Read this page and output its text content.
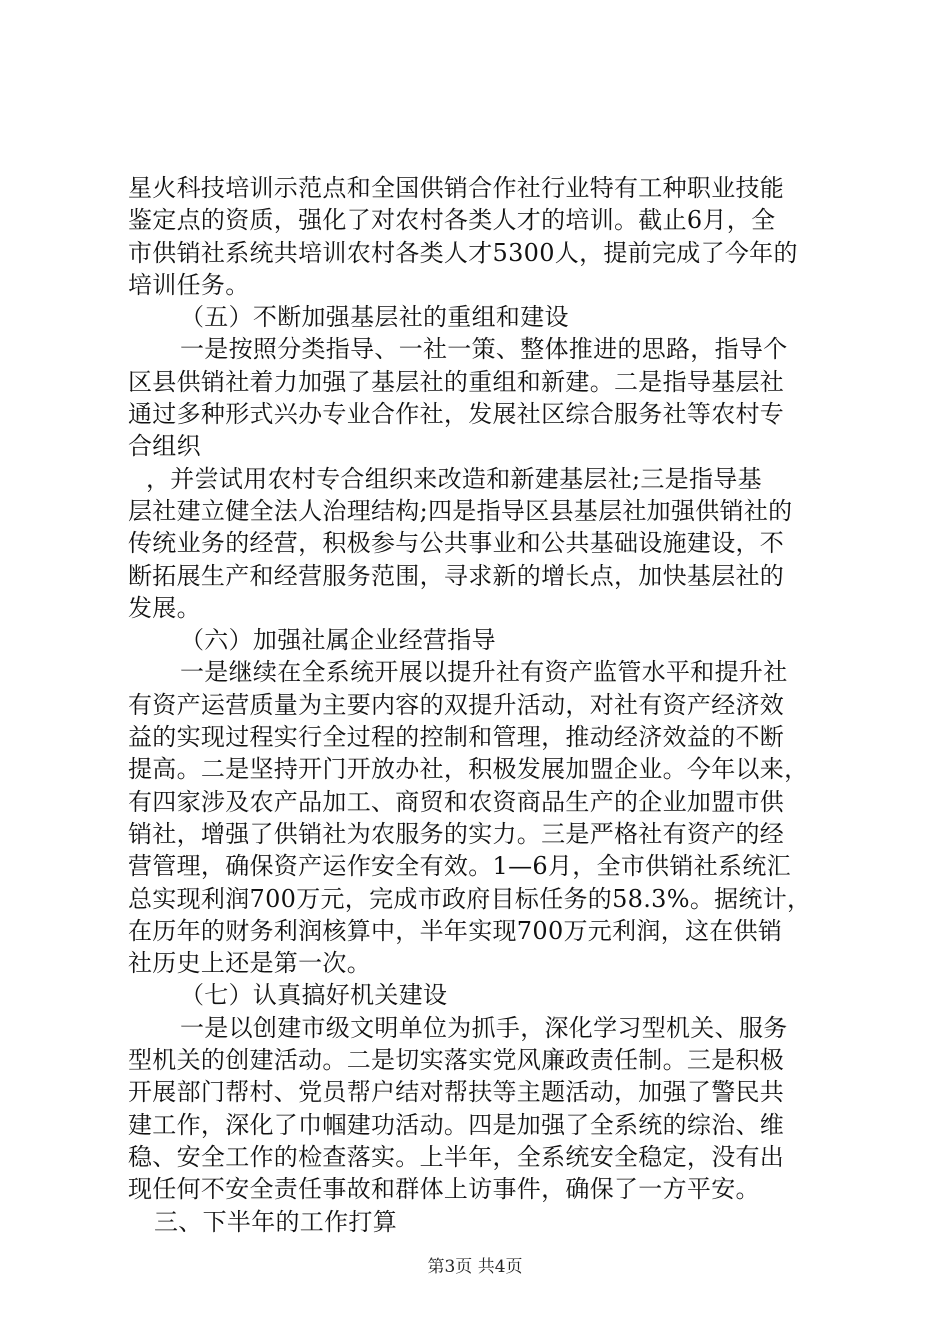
星火科技培训示范点和全国供销合作社行业特有工种职业技能
鉴定点的资质，强化了对农村各类人才的培训。截止6月，全
市供销社系统共培训农村各类人才5300人，提前完成了今年的
培训任务。
（五）不断加强基层社的重组和建设
一是按照分类指导、一社一策、整体推进的思路，指导个
区县供销社着力加强了基层社的重组和新建。二是指导基层社
通过多种形式兴办专业合作社，发展社区综合服务社等农村专
合组织
，并尝试用农村专合组织来改造和新建基层社;三是指导基
层社建立健全法人治理结构;四是指导区县基层社加强供销社的
传统业务的经营，积极参与公共事业和公共基础设施建设，不
断拓展生产和经营服务范围，寻求新的增长点，加快基层社的
发展。
（六）加强社属企业经营指导
一是继续在全系统开展以提升社有资产监管水平和提升社
有资产运营质量为主要内容的双提升活动，对社有资产经济效
益的实现过程实行全过程的控制和管理，推动经济效益的不断
提高。二是坚持开门开放办社，积极发展加盟企业。今年以来，
有四家涉及农产品加工、商贸和农资商品生产的企业加盟市供
销社，增强了供销社为农服务的实力。三是严格社有资产的经
营管理，确保资产运作安全有效。1—6月，全市供销社系统汇
总实现利润700万元，完成市政府目标任务的58.3%。据统计，
在历年的财务利润核算中，半年实现700万元利润，这在供销
社历史上还是第一次。
（七）认真搞好机关建设
一是以创建市级文明单位为抓手，深化学习型机关、服务
型机关的创建活动。二是切实落实党风廉政责任制。三是积极
开展部门帮村、党员帮户结对帮扶等主题活动，加强了警民共
建工作，深化了巾帼建功活动。四是加强了全系统的综治、维
稳、安全工作的检查落实。上半年，全系统安全稳定，没有出
现任何不安全责任事故和群体上访事件，确保了一方平安。
三、下半年的工作打算
第3页 共4页
